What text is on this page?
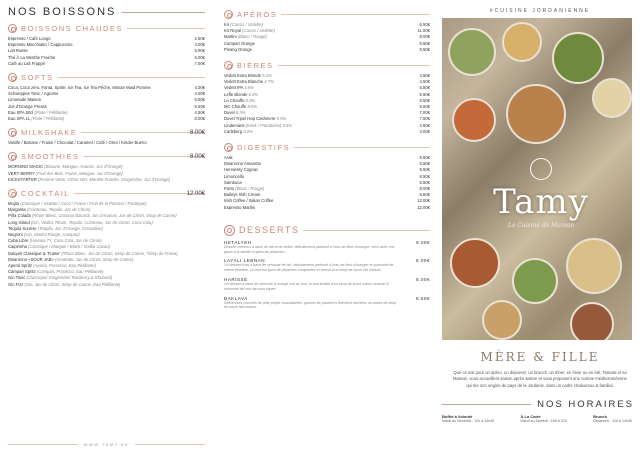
NOS BOISSONS
BOISSONS CHAUDES
Espresso / Café Lungo	2.50€
Espresso Macchiatto / Cappuccino	4.00€
Lait Russe	5.00€
Thé À La Menthe Fraiche	5.00€
Café au Lait Frappé	7.00€
SOFTS
Coca, Coca zéro, Fanta, Sprite, Ice Tea, Ice Tea Pêche, Minute Maid Pomme	4.00€
Schweppes Tonic / Agrume	4.00€
Limonade Maison	6.50€
Jus d'Orange Pressé	6.50€
Eau SPA 50cl (Plate / Pétillante)	4.50€
Eau SPA 1L (Plate / Pétillante)	8.00€
MILKSHAKE	8.00€
Vanille / Banane / Fraise / Chocolat / Caramel / Café / Oreo / Kinder Bueno
SMOOTHIES	8.00€
MORNING MAGIC (Banane, Mangue, Ananas, Jus d'Orange)
VERY BERRY (Fruit des Bois, Fraise, Mangue, Jus d'Orange)
KICKSTARTER (Pomme Verte, Citron Vert, Menthe Fraiche, Gingembre, Jus d'Orange)
COCKTAIL	12.00€
Mojito (Classique / Violette / Coco / Fraise / Fruit de la Passion / Pastèque)
Margarita (Cointreau, Tequila, Jus de Citron)
Piña Colada (Rhum Blanc, Coconut Bacardi, Jus d'Ananas, Jus de Citron, Sirop de Canne)
Long Island (Gin, Vodka, Rhum, Tequila, Cointreau, Jus de Citron, Coca Cola)
Tequila Sunrise (Tequila, Jus d'Orange, Grenadine)
Negroni (Gin, Martini Rouge, Campari)
Cuba Libre (Havana 7Y, Coca Cola, Jus de Citron)
Caipirinha (Classique / Mangue / Black / Vodka Cacao)
Daiquiri Classique & 'Fraise' (Rhum Blanc, Jus de Citron, Sirop de Canne, *Sirop de Fraise)
Disaronno «SOUR JAB» (Amaretto, Jus de Citron, Sirop de Canne)
Aperol Spritz (Aperol, Prosecco, Eau Pétillante)
Campari Spritz (Campari, Prosecco, Eau Pétillante)
Gin Tonic (Classique/ Gingembre/ Raisberry & Rhubarb)
Gin Fizz (Gin, Jus de Citron, Sirop de Canne, Eau Pétillante)
WWW.TAMY.BE
APÉROS
Kir (Cassis / Violette)	6.50€
Kir Royal (Cassis / Violette)	11.00€
Martini (Blanc / Rouge)	8.00€
Campari Orange	9.50€
Pisang Orange	9.50€
BIÈRES
Vedett Extra Blonde 5.2%	4.50€
Vedett Extra Blanche 4.7%	4.50€
Vedett IPA 5.5%	5.50€
Leffe Blonde 6.6%	6.50€
La Chouffe 8.0%	6.50€
MC Chouffe 8.0%	6.50€
Duvel 8.5%	7.00€
Duvel Tripel Hop Cashmere 9.5%	7.50€
Lindemans (Kriek / Framboise) 3.5%	4.50€
Carlsberg 0.0%	4.00€
DIGESTIFS
Arak	9.50€
Disaronno Amaretto	6.50€
Hennessy Cognac	9.50€
Limoncello	6.50€
Sambuca	6.50€
Porto (Blanc / Rouge)	8.00€
Baileys Irish Cream	6.50€
Irish Coffee / Italian Coffee	12.00€
Espresso Martini	12.00€
DESSERTS
HETALYEH	9.00€
Dessert crémeux à base de lait et de farine, délicatement parfumé à l'eau de fleur d'oranger, servi avec une glace à la vanille et garni de pistaches.
LAYALI LEBNAN	8.00€
Un dessert frais à base de semoule de blé, délicatement parfumé à l'eau de fleur d'oranger et surmonté de crème fouettée. Le tout est garni de pistaches croquantes et arrosé d'un sirop de sucre fait maison.
HARISSÉ	8.00€
Un dessert à base de semoule & orange cuit au four, le tout imbibé d'un sirop de sucre saisis caramel & recouvert de noix de coco râpée.
BAKLAVA	8.50€
Délicieuses couches de pâte phyllo croustillantes, garnies de pistaches finement hachées, arrosées de sirop de sucre fait maison.
#CUISINE JORDANIENNE
Tamy
La Cuisine de Maman
MÈRE & FILLE
Que ce soit pour un apéro, un déjeuner, un brunch, un dîner, en hiver ou en été, Tamara et sa Maman, vous accueillent saison après saison et vous proposent une cuisine méditerranéenne qui tire son origine du pays de la Jordanie, dans un cadre chaleureux & familial.
NOS HORAIRES
Buffet à Volonté
Mardi au Vendredi : 12h à 14h30
À La Carte
Mardi au Samedi : 18h à 22h
Brunch
Dimanche : 11h à 14h30
